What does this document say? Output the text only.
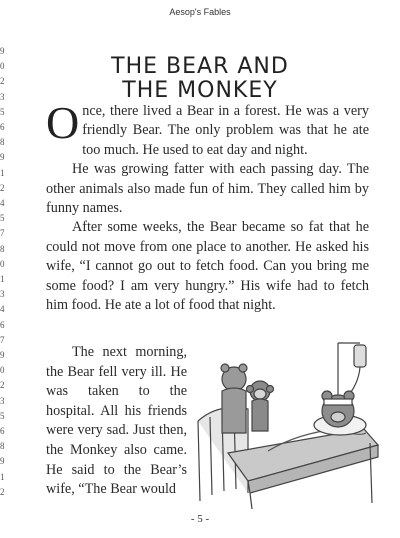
9
0
2
3
5
6
8
9
1
2
4
5
7
8
0
1
3
4
6
7
9
0
2
3
5
6
8
9
1
2
Aesop's Fables
THE BEAR AND
THE MONKEY

Once, there lived a Bear in a forest. He was a very friendly Bear. The only problem was that he ate too much. He used to eat day and night.

He was growing fatter with each passing day. The other animals also made fun of him. They called him by funny names.

After some weeks, the Bear became so fat that he could not move from one place to another. He asked his wife, “I cannot go out to fetch food. Can you bring me some food? I am very hungry.” His wife had to fetch him food. He ate a lot of food that night.

The next morning, the Bear fell very ill. He was taken to the hospital. All his friends were very sad. Just then, the Monkey also came. He said to the Bear’s wife, “The Bear would

- 5 -
